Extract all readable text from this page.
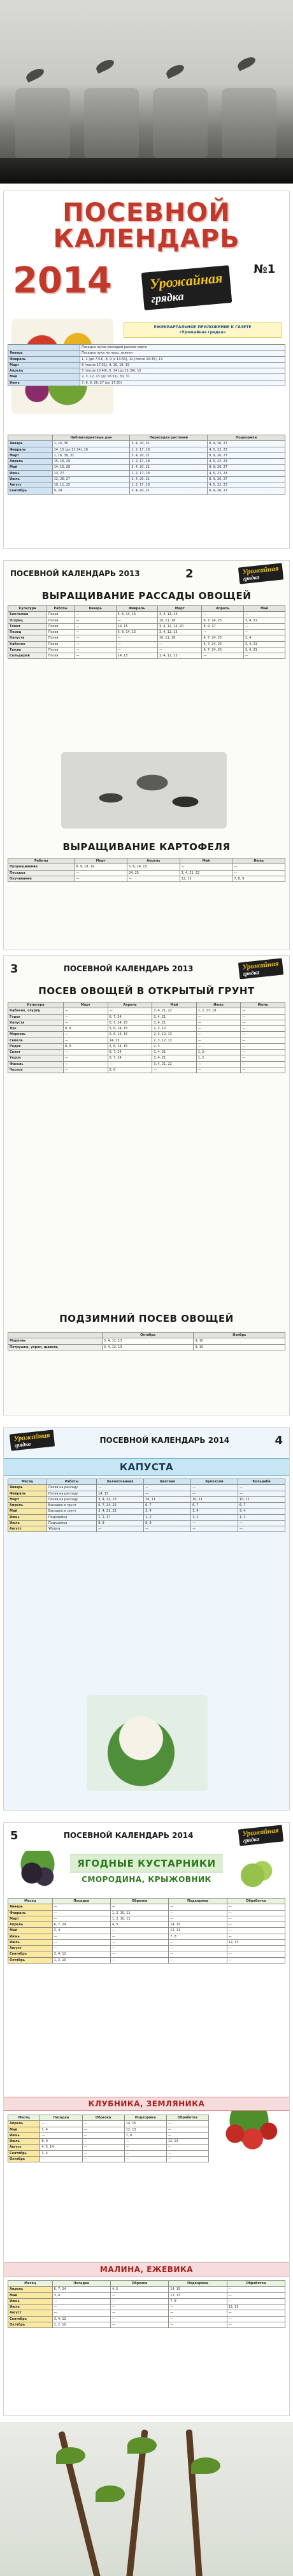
ПОСЕВНОЙ КАЛЕНДАРЬ
2014	Урожайная
грядка
№1
ЕЖЕКВАРТАЛЬНОЕ ПРИЛОЖЕНИЕ К ГАЗЕТЕ
«Урожайная грядка»
	Посадка луков рассадой ранние сорта
Январь	Посадка лука на перо, зелени
Февраль	1, 2 (до 7:54), 8, 9 (с 13:33), 12 (после 15:35), 13
Март	8 (после 17:51), 9, 10, 18, 19
Апрель	5 (после 10:40), 6, 14 (до 11:34), 15
Май	2, 3, 12, 13 (до 16:51), 30, 31
Июнь	7, 8, 9, 26, 27 (до 17:30)
	Неблагоприятные дни	Пересадка растений	Подкормки
Январь	1, 16, 30	3, 4, 20, 21	8, 9, 26, 27
Февраль	14, 15 (до 11:34), 16	1, 2, 17, 18	4, 5, 22, 23
Март	1, 16, 30, 31	3, 4, 20, 21	8, 9, 26, 27
Апрель	15, 16, 29	1, 2, 17, 18	4, 5, 22, 23
Май	14, 15, 28	3, 4, 20, 21	8, 9, 26, 27
Июнь	13, 27	1, 2, 17, 18	4, 5, 22, 23
Июль	12, 26, 27	3, 4, 20, 21	8, 9, 26, 27
Август	10, 11, 25	1, 2, 17, 18	4, 5, 22, 23
Сентябрь	9, 24	3, 4, 20, 21	8, 9, 26, 27
ПОСЕВНОЙ КАЛЕНДАРЬ 2013	2	Урожайная
грядка
ВЫРАЩИВАНИЕ РАССАДЫ ОВОЩЕЙ
Культура	Работы	Январь	Февраль	Март	Апрель	Май
Баклажан	Посев	—	5, 6, 14, 15	3, 4, 12, 13	—	—
Огурец	Посев	—	—	10, 11, 28	6, 7, 24, 25	3, 4, 21
Томат	Посев	—	14, 15	3, 4, 12, 13, 20	8, 9, 17	—
Перец	Посев	—	5, 6, 14, 15	3, 4, 12, 13	—	—
Капуста	Посев	—	—	10, 11, 28	6, 7, 24, 25	3, 4
Кабачок	Посев	—	—	—	6, 7, 24, 25	3, 4, 21
Тыква	Посев	—	—	—	6, 7, 24, 25	3, 4, 21
Сельдерей	Посев	—	14, 15	3, 4, 12, 13	—	—
ВЫРАЩИВАНИЕ КАРТОФЕЛЯ
Работы	Март	Апрель	Май	Июнь
Проращивание	8, 9, 18, 19	5, 6, 14, 15	—	—
Посадка	—	24, 25	3, 4, 21, 22	—
Окучивание	—	—	12, 13	7, 8, 9
3	ПОСЕВНОЙ КАЛЕНДАРЬ 2013	Урожайная
грядка
ПОСЕВ ОВОЩЕЙ В ОТКРЫТЫЙ ГРУНТ
Культура	Март	Апрель	Май	Июнь	Июль
Кабачок, огурец	—	—	3, 4, 21, 22	1, 2, 17, 18	—
Горох	—	6, 7, 24	3, 4, 21	—	—
Капуста	—	6, 7, 24, 25	3, 4, 21	—	—
Лук	8, 9	5, 6, 14, 15	2, 3, 12	—	—
Морковь	—	5, 6, 14, 15	2, 3, 12, 13	—	—
Свёкла	—	14, 15	2, 3, 12, 13	—	—
Редис	8, 9	5, 6, 14, 15	2, 3	—	—
Салат	—	6, 7, 24	3, 4, 21	1, 2	—
Укроп	—	6, 7, 24	3, 4, 21	1, 2	—
Фасоль	—	—	3, 4, 21, 22	—	—
Чеснок	—	5, 6	—	—	—
ПОДЗИМНИЙ ПОСЕВ ОВОЩЕЙ
	Октябрь	Ноябрь
Морковь	3, 4, 12, 13	9, 10
Петрушка, укроп, щавель	3, 4, 12, 13	9, 10
Урожайная
грядка	ПОСЕВНОЙ КАЛЕНДАРЬ 2014	4
КАПУСТА
Месяц	Работы	Белокочанная	Цветная	Брокколи	Кольраби
Январь	Посев на рассаду	—	—	—	—
Февраль	Посев на рассаду	14, 15	—	—	—
Март	Посев на рассаду	3, 4, 12, 13	10, 11	10, 11	10, 11
Апрель	Высадка в грунт	6, 7, 24, 25	6, 7	6, 7	6, 7
Май	Высадка в грунт	3, 4, 21, 22	3, 4	3, 4	3, 4
Июнь	Подкормка	1, 2, 17	1, 2	1, 2	1, 2
Июль	Подкормка	8, 9	8, 9	—	—
Август	Уборка	—	—	—	—
5	ПОСЕВНОЙ КАЛЕНДАРЬ 2014	Урожайная
грядка
ЯГОДНЫЕ КУСТАРНИКИ
СМОРОДИНА, КРЫЖОВНИК
Месяц	Посадка	Обрезка	Подкормка	Обработка
Январь	—	—	—	—
Февраль	—	1, 2, 10, 11	—	—
Март	—	1, 2, 10, 11	—	—
Апрель	6, 7, 24	4, 5	14, 15	—
Май	3, 4	—	12, 13	—
Июнь	—	—	7, 8	—
Июль	—	—	—	12, 13
Август	—	—	—	—
Сентябрь	3, 4, 12	—	—	—
Октябрь	1, 2, 10	—	—	—
КЛУБНИКА, ЗЕМЛЯНИКА
Месяц	Посадка	Обрезка	Подкормка	Обработка
Апрель	—	—	14, 15	—
Май	3, 4	—	12, 13	—
Июнь	—	—	7, 8	—
Июль	8, 9	—	—	12, 13
Август	4, 5, 14	—	—	—
Сентябрь	3, 4	—	—	—
Октябрь	—	—	—	—
МАЛИНА, ЕЖЕВИКА
Месяц	Посадка	Обрезка	Подкормка	Обработка
Апрель	6, 7, 24	4, 5	14, 15	—
Май	3, 4	—	12, 13	—
Июнь	—	—	7, 8	—
Июль	—	—	—	12, 13
Август	—	—	—	—
Сентябрь	3, 4, 12	—	—	—
Октябрь	1, 2, 10	—	—	—
